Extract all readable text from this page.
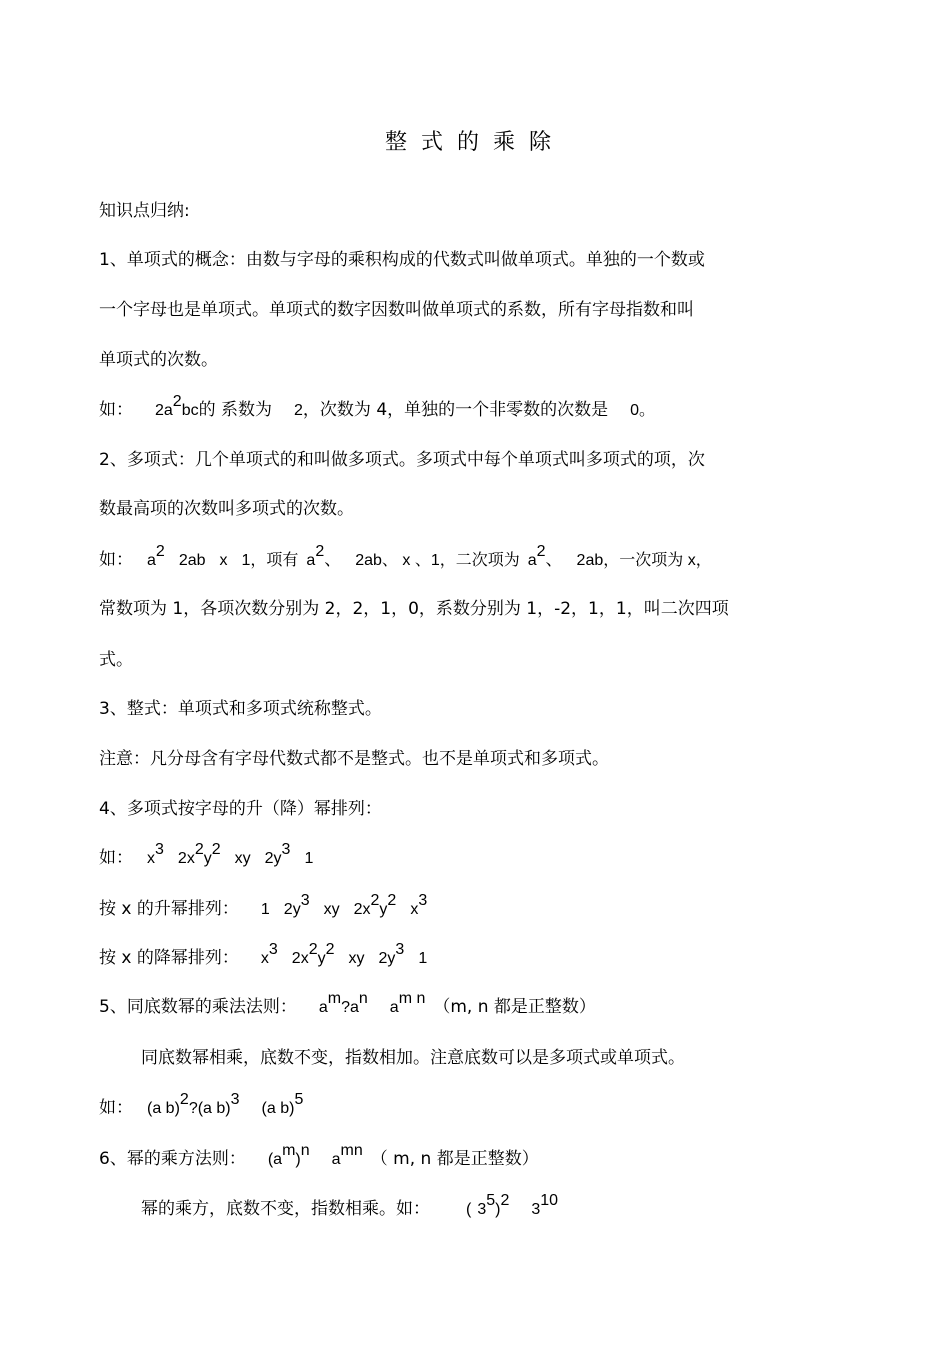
整式的乘除
知识点归纳:
1、单项式的概念：由数与字母的乘积构成的代数式叫做单项式。单独的一个数或
一个字母也是单项式。单项式的数字因数叫做单项式的系数，所有字母指数和叫
单项式的次数。
如： $2a^2bc$的 系数为 2，次数为 4，单独的一个非零数的次数是 0。
2、多项式：几个单项式的和叫做多项式。多项式中每个单项式叫多项式的项，次
数最高项的次数叫多项式的次数。
如： $a^22ab$ x 1，项有 $a^2$、 2ab、 x 、1，二次项为 $a^2$、 2ab，一次项为 x，
常数项为 1，各项次数分别为 2，2，1，0，系数分别为 1，-2，1，1，叫二次四项
式。
3、整式：单项式和多项式统称整式。
注意：凡分母含有字母代数式都不是整式。也不是单项式和多项式。
4、多项式按字母的升（降）幂排列：
如： $x^32x^2y^2xy$ $2y^31$
按 x 的升幂排列： 1 $2y^3xy$ $2x^2y^2x^3$
按 x 的降幂排列： $x^32x^2y^2xy$ $2y^31$
5、同底数幂的乘法法则： $a^m?a^na^{m n}$ （m, n 都是正整数）
同底数幂相乘，底数不变，指数相加。注意底数可以是多项式或单项式。
如： (a b)$^2$?(a b)$^3$(a b)$^5$
6、幂的乘方法则： $(a^m)^na^{mn}$ （ m, n 都是正整数）
幂的乘方，底数不变，指数相乘。如： ( $3^5)^23^{10}$
